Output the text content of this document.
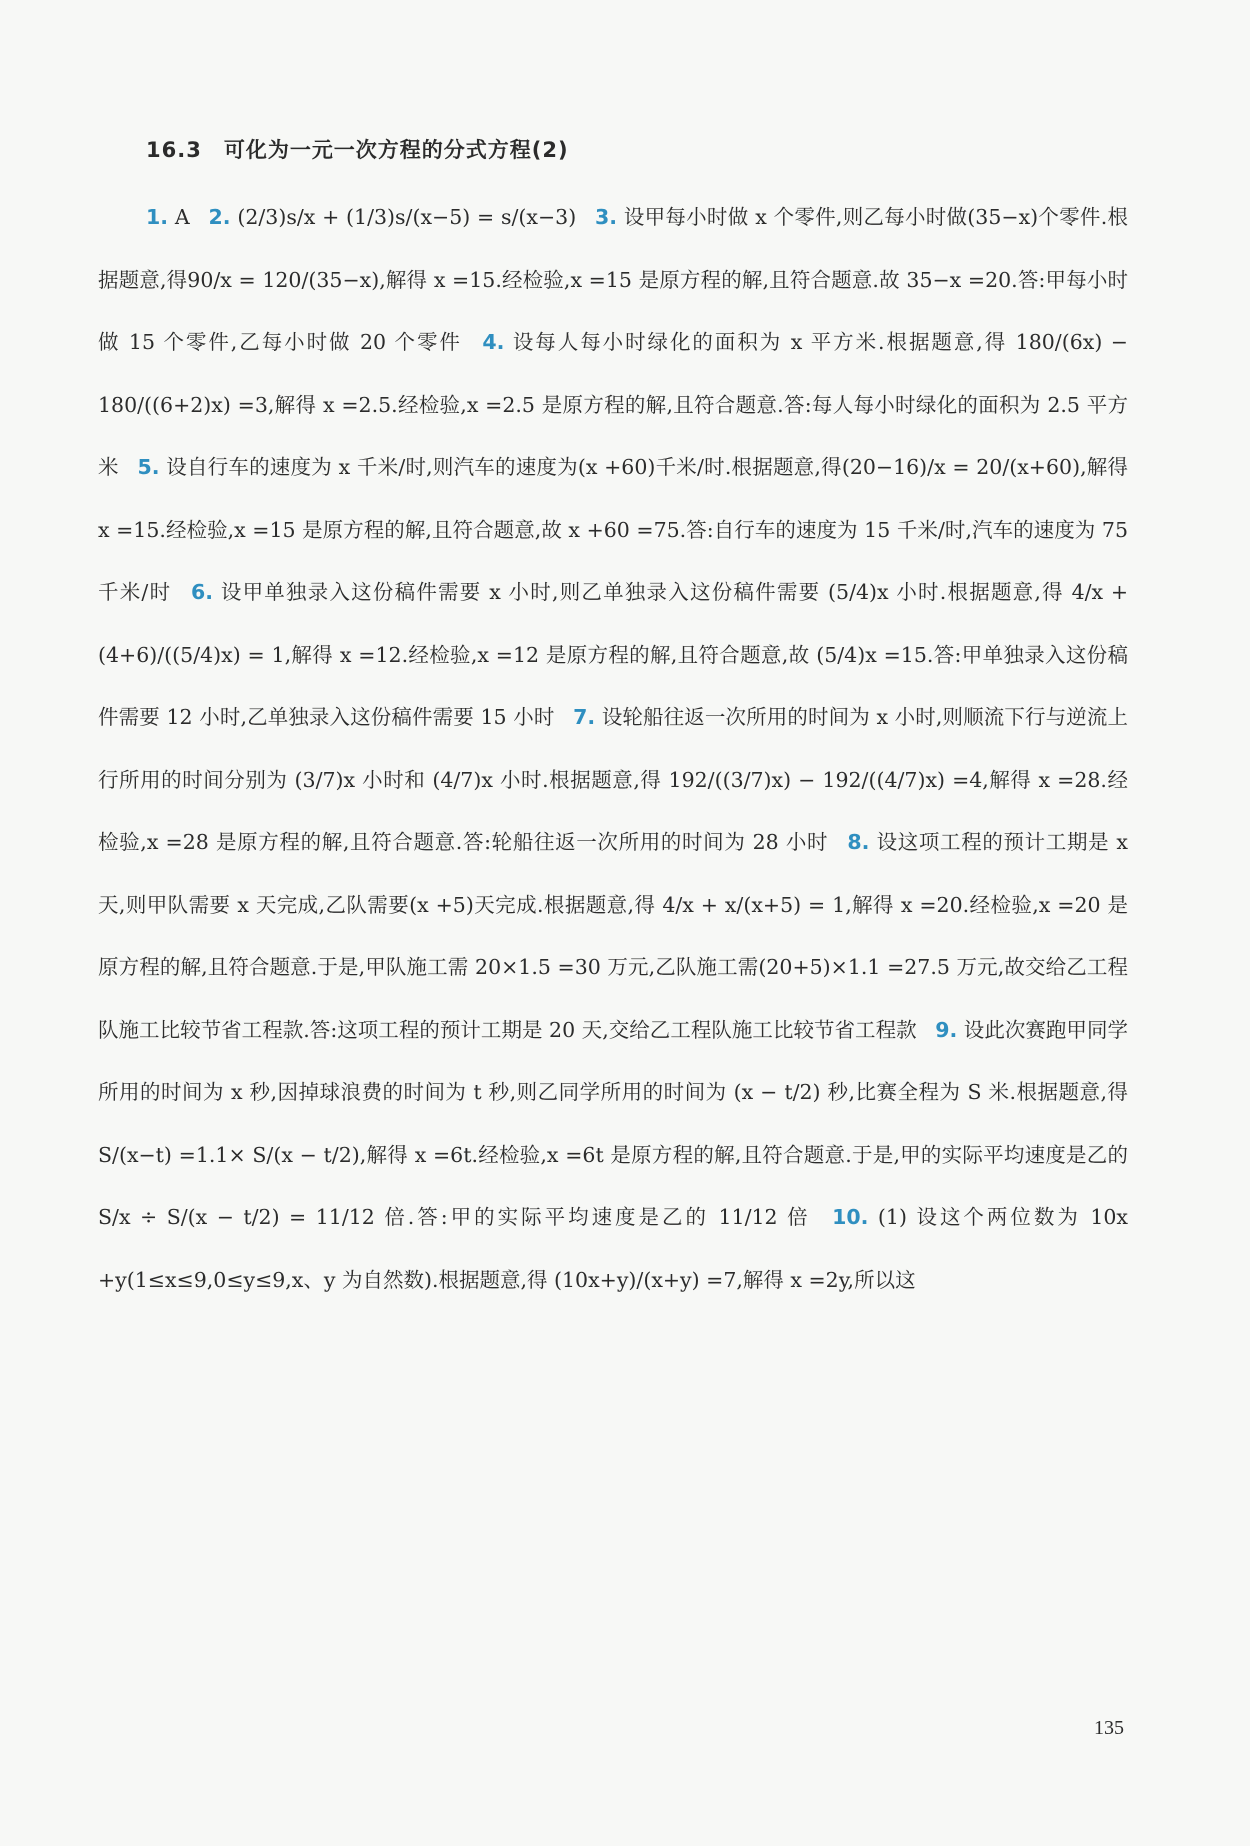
16.3　可化为一元一次方程的分式方程(2)

1. A 2. (2/3)s/x + (1/3)s/(x−5) = s/(x−3) 3. 设甲每小时做 x 个零件,则乙每小时做(35−x)个零件.根据题意,得90/x = 120/(35−x),解得 x =15.经检验,x =15 是原方程的解,且符合题意.故 35−x =20.答:甲每小时做 15 个零件,乙每小时做 20 个零件 4. 设每人每小时绿化的面积为 x 平方米.根据题意,得 180/(6x) − 180/((6+2)x) =3,解得 x =2.5.经检验,x =2.5 是原方程的解,且符合题意.答:每人每小时绿化的面积为 2.5 平方米 5. 设自行车的速度为 x 千米/时,则汽车的速度为(x +60)千米/时.根据题意,得(20−16)/x = 20/(x+60),解得 x =15.经检验,x =15 是原方程的解,且符合题意,故 x +60 =75.答:自行车的速度为 15 千米/时,汽车的速度为 75 千米/时 6. 设甲单独录入这份稿件需要 x 小时,则乙单独录入这份稿件需要 (5/4)x 小时.根据题意,得 4/x + (4+6)/((5/4)x) = 1,解得 x =12.经检验,x =12 是原方程的解,且符合题意,故 (5/4)x =15.答:甲单独录入这份稿件需要 12 小时,乙单独录入这份稿件需要 15 小时 7. 设轮船往返一次所用的时间为 x 小时,则顺流下行与逆流上行所用的时间分别为 (3/7)x 小时和 (4/7)x 小时.根据题意,得 192/((3/7)x) − 192/((4/7)x) =4,解得 x =28.经检验,x =28 是原方程的解,且符合题意.答:轮船往返一次所用的时间为 28 小时 8. 设这项工程的预计工期是 x 天,则甲队需要 x 天完成,乙队需要(x +5)天完成.根据题意,得 4/x + x/(x+5) = 1,解得 x =20.经检验,x =20 是原方程的解,且符合题意.于是,甲队施工需 20×1.5 =30 万元,乙队施工需(20+5)×1.1 =27.5 万元,故交给乙工程队施工比较节省工程款.答:这项工程的预计工期是 20 天,交给乙工程队施工比较节省工程款 9. 设此次赛跑甲同学所用的时间为 x 秒,因掉球浪费的时间为 t 秒,则乙同学所用的时间为 (x − t/2) 秒,比赛全程为 S 米.根据题意,得 S/(x−t) =1.1× S/(x − t/2),解得 x =6t.经检验,x =6t 是原方程的解,且符合题意.于是,甲的实际平均速度是乙的 S/x ÷ S/(x − t/2) = 11/12 倍.答:甲的实际平均速度是乙的 11/12 倍 10. (1) 设这个两位数为 10x +y(1≤x≤9,0≤y≤9,x、y 为自然数).根据题意,得 (10x+y)/(x+y) =7,解得 x =2y,所以这

135
